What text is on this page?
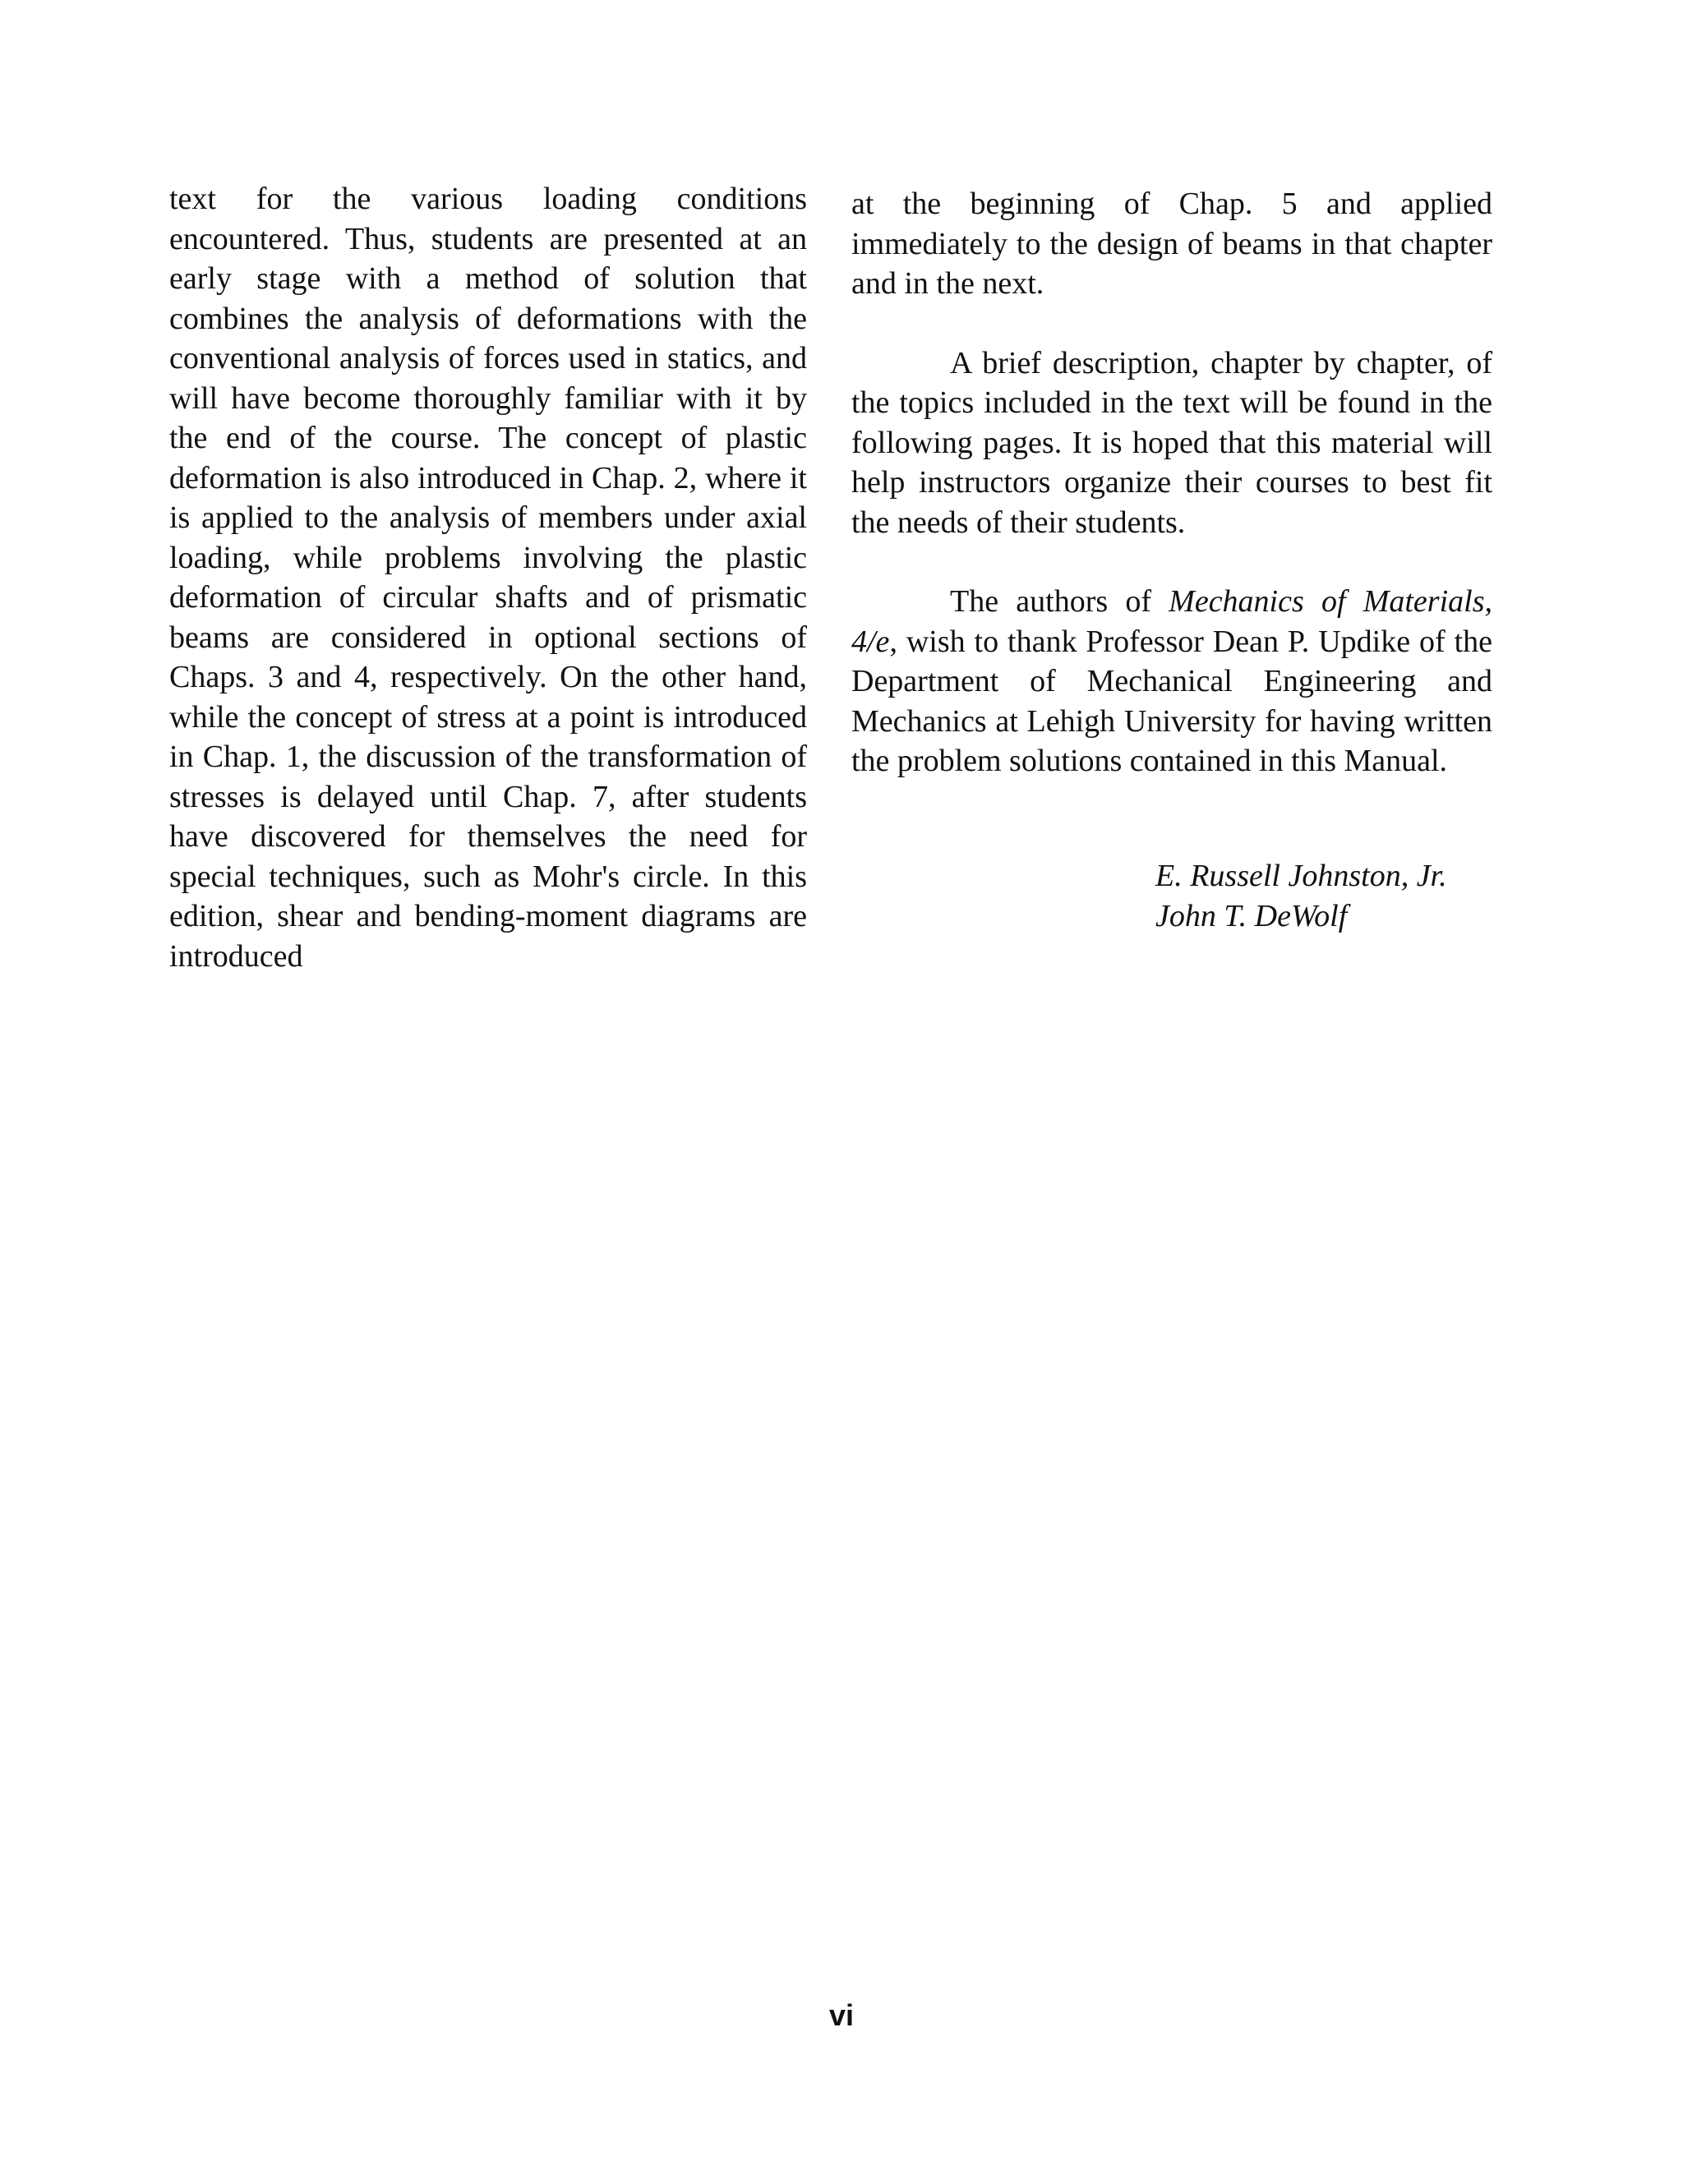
text for the various loading conditions encountered. Thus, students are presented at an early stage with a method of solution that combines the analysis of deformations with the conventional analysis of forces used in statics, and will have become thoroughly familiar with it by the end of the course. The concept of plastic deformation is also introduced in Chap. 2, where it is applied to the analysis of members under axial loading, while problems involving the plastic deformation of circular shafts and of prismatic beams are considered in optional sections of Chaps. 3 and 4, respectively. On the other hand, while the concept of stress at a point is introduced in Chap. 1, the discussion of the transformation of stresses is delayed until Chap. 7, after students have discovered for themselves the need for special techniques, such as Mohr's circle. In this edition, shear and bending-moment diagrams are introduced

at the beginning of Chap. 5 and applied immediately to the design of beams in that chapter and in the next.

A brief description, chapter by chapter, of the topics included in the text will be found in the following pages. It is hoped that this material will help instructors organize their courses to best fit the needs of their students.

The authors of Mechanics of Materials, 4/e, wish to thank Professor Dean P. Updike of the Department of Mechanical Engineering and Mechanics at Lehigh University for having written the problem solutions contained in this Manual.

E. Russell Johnston, Jr.
John T. DeWolf
vi
